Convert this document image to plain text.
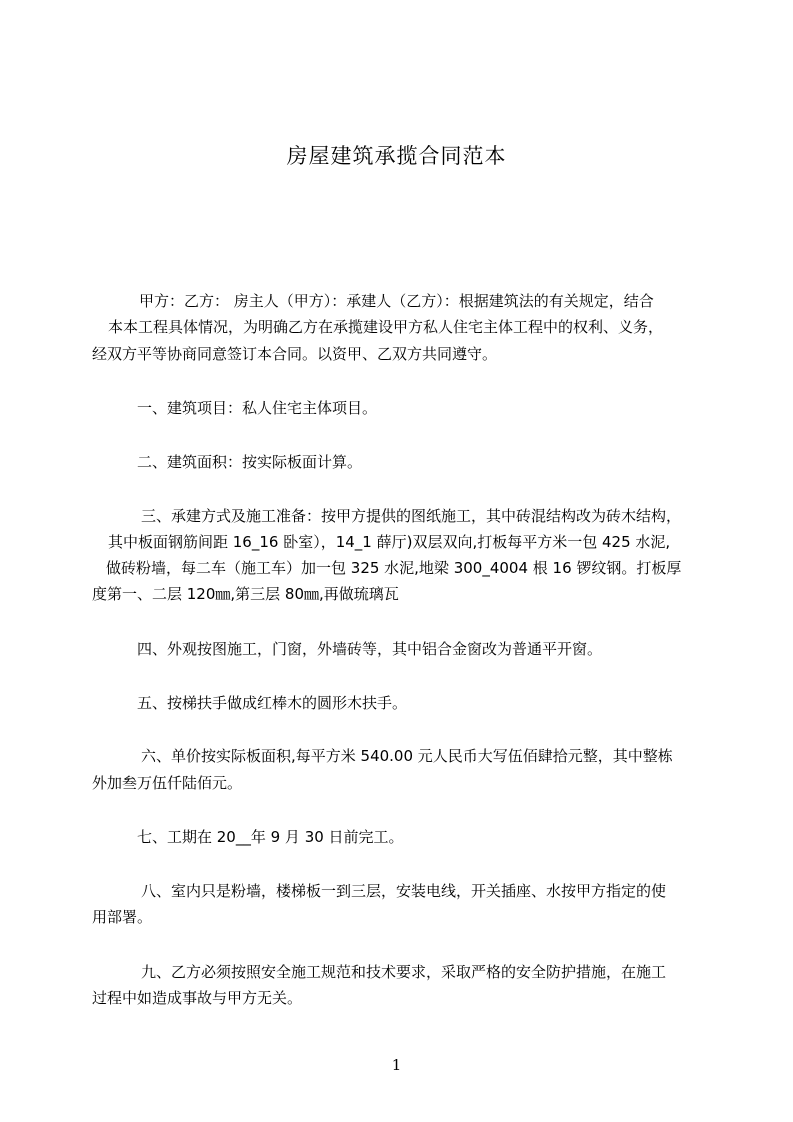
房屋建筑承揽合同范本
甲方：乙方： 房主人（甲方）：承建人（乙方）：根据建筑法的有关规定，结合
本本工程具体情况，为明确乙方在承揽建设甲方私人住宅主体工程中的权利、义务，
经双方平等协商同意签订本合同。以资甲、乙双方共同遵守。
一、建筑项目：私人住宅主体项目。
二、建筑面积：按实际板面计算。
三、承建方式及施工准备：按甲方提供的图纸施工，其中砖混结构改为砖木结构，
其中板面钢筋间距 16_16 卧室），14_1 薛厅)双层双向,打板每平方米一包 425 水泥,
做砖粉墙，每二车（施工车）加一包 325 水泥,地梁 300_4004 根 16 锣纹钢。打板厚
度第一、二层 120㎜,第三层 80㎜,再做琉璃瓦
四、外观按图施工，门窗，外墙砖等，其中铝合金窗改为普通平开窗。
五、按梯扶手做成红棒木的圆形木扶手。
六、单价按实际板面积,每平方米 540.00 元人民币大写伍佰肆拾元整，其中整栋
外加叁万伍仟陆佰元。
七、工期在 20__年 9 月 30 日前完工。
八、室内只是粉墙，楼梯板一到三层，安装电线，开关插座、水按甲方指定的使
用部署。
九、乙方必须按照安全施工规范和技术要求，采取严格的安全防护措施，在施工
过程中如造成事故与甲方无关。
1
